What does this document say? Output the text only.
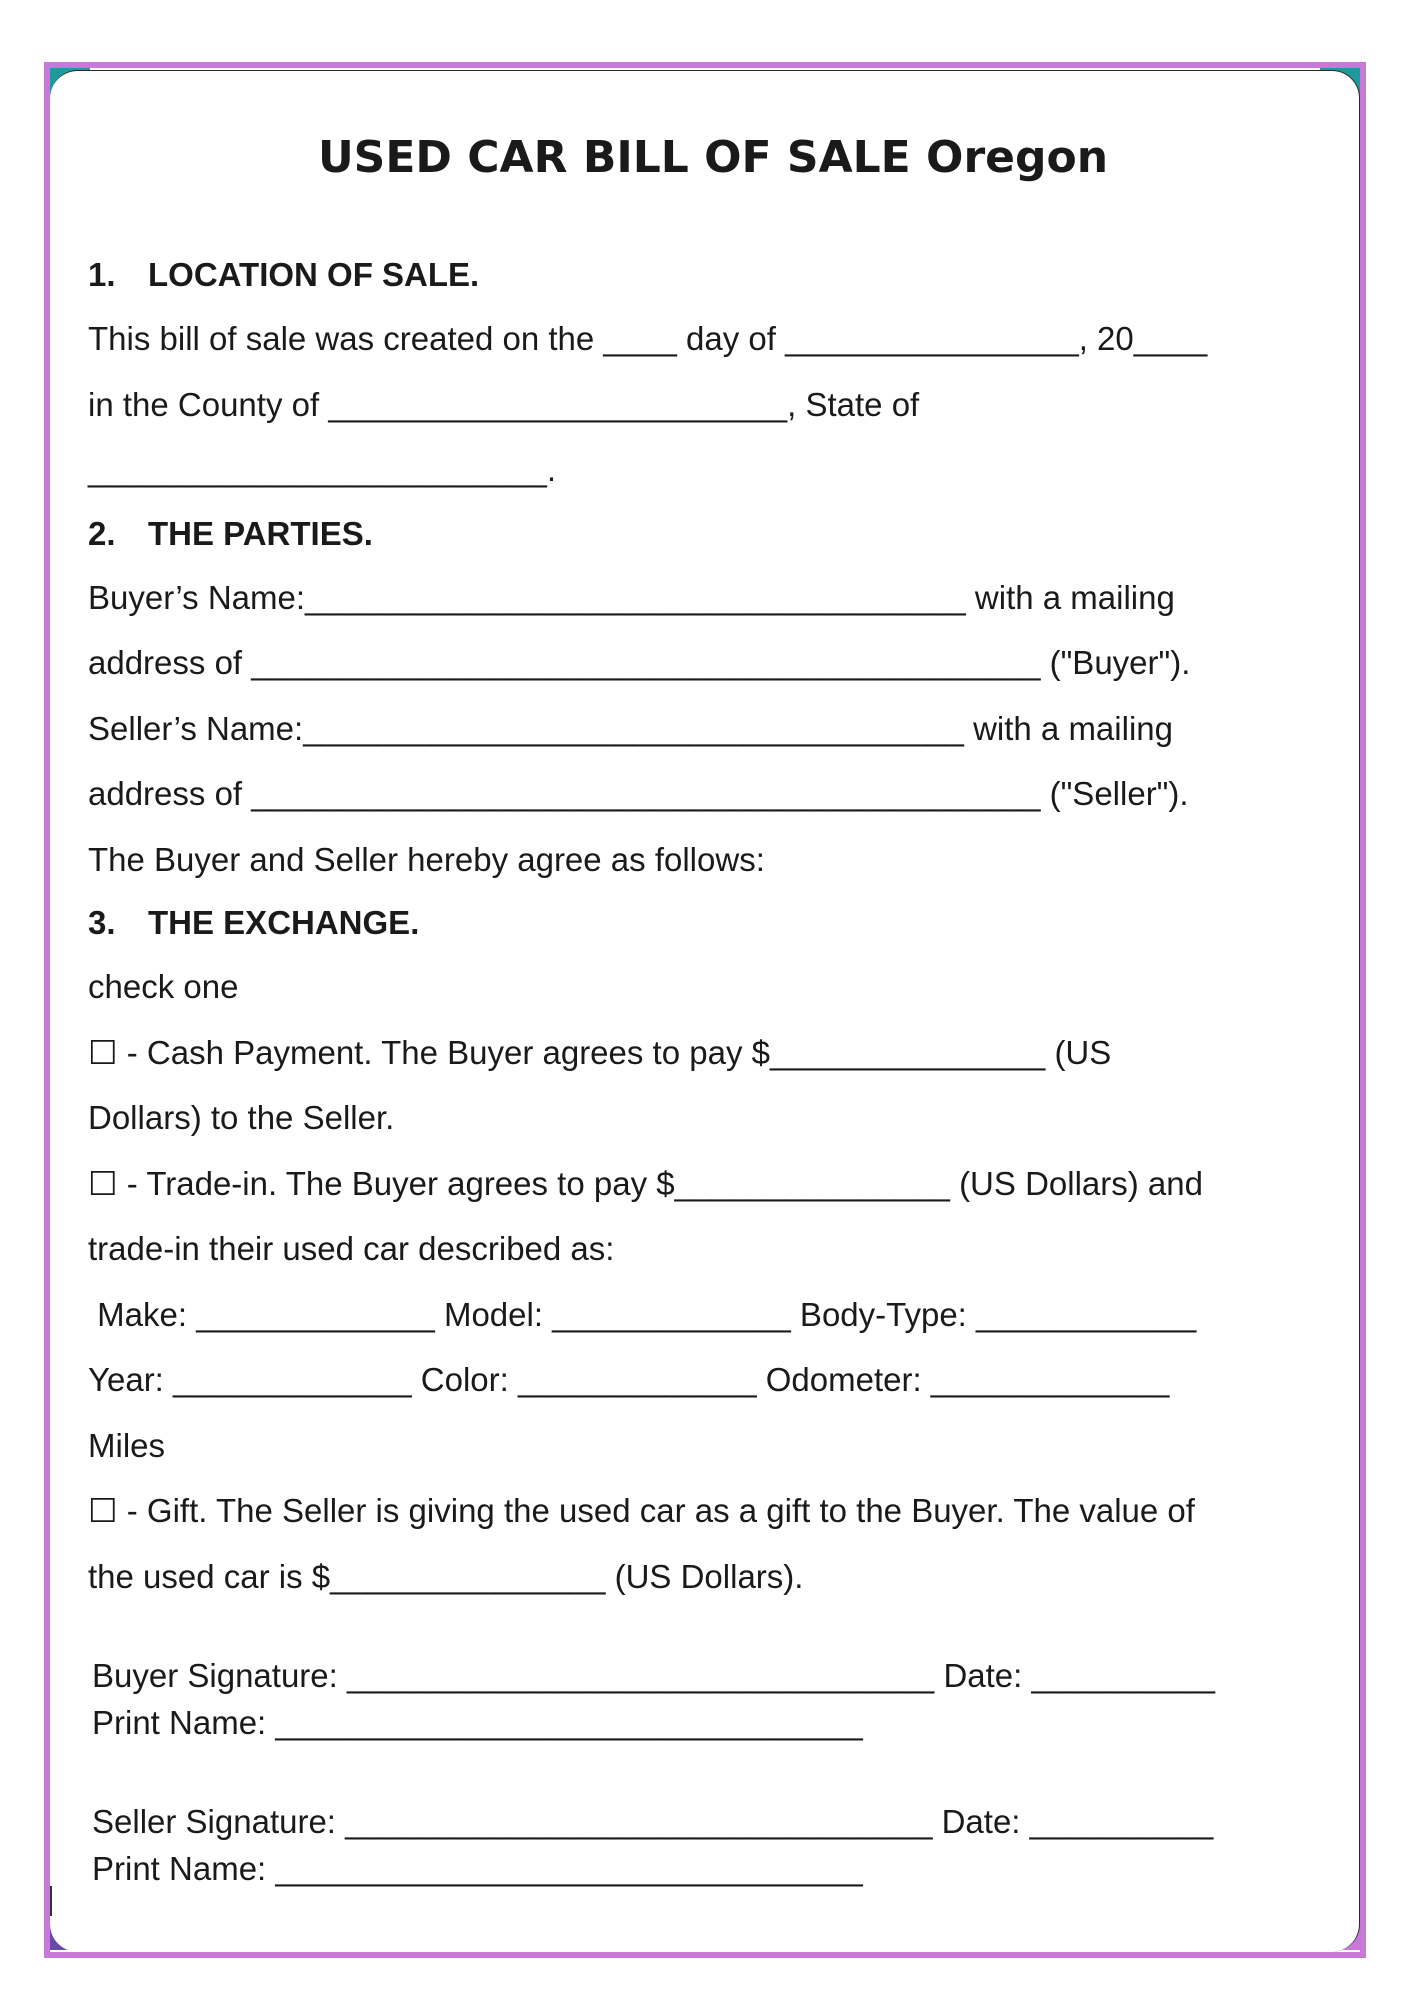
USED CAR BILL OF SALE Oregon
1. LOCATION OF SALE.
This bill of sale was created on the ____ day of ________________, 20____
in the County of _________________________, State of
_________________________.
2. THE PARTIES.
Buyer’s Name:____________________________________ with a mailing
address of ___________________________________________ ("Buyer").
Seller’s Name:____________________________________ with a mailing
address of ___________________________________________ ("Seller").
The Buyer and Seller hereby agree as follows:
3. THE EXCHANGE.
check one
☐ - Cash Payment. The Buyer agrees to pay $_______________ (US
Dollars) to the Seller.
☐ - Trade-in. The Buyer agrees to pay $_______________ (US Dollars) and
trade-in their used car described as:
Make: _____________ Model: _____________ Body-Type: ____________
Year: _____________ Color: _____________ Odometer: _____________
Miles
☐ - Gift. The Seller is giving the used car as a gift to the Buyer. The value of
the used car is $_______________ (US Dollars).
Buyer Signature: ________________________________ Date: __________
Print Name: ________________________________
Seller Signature: ________________________________ Date: __________
Print Name: ________________________________
